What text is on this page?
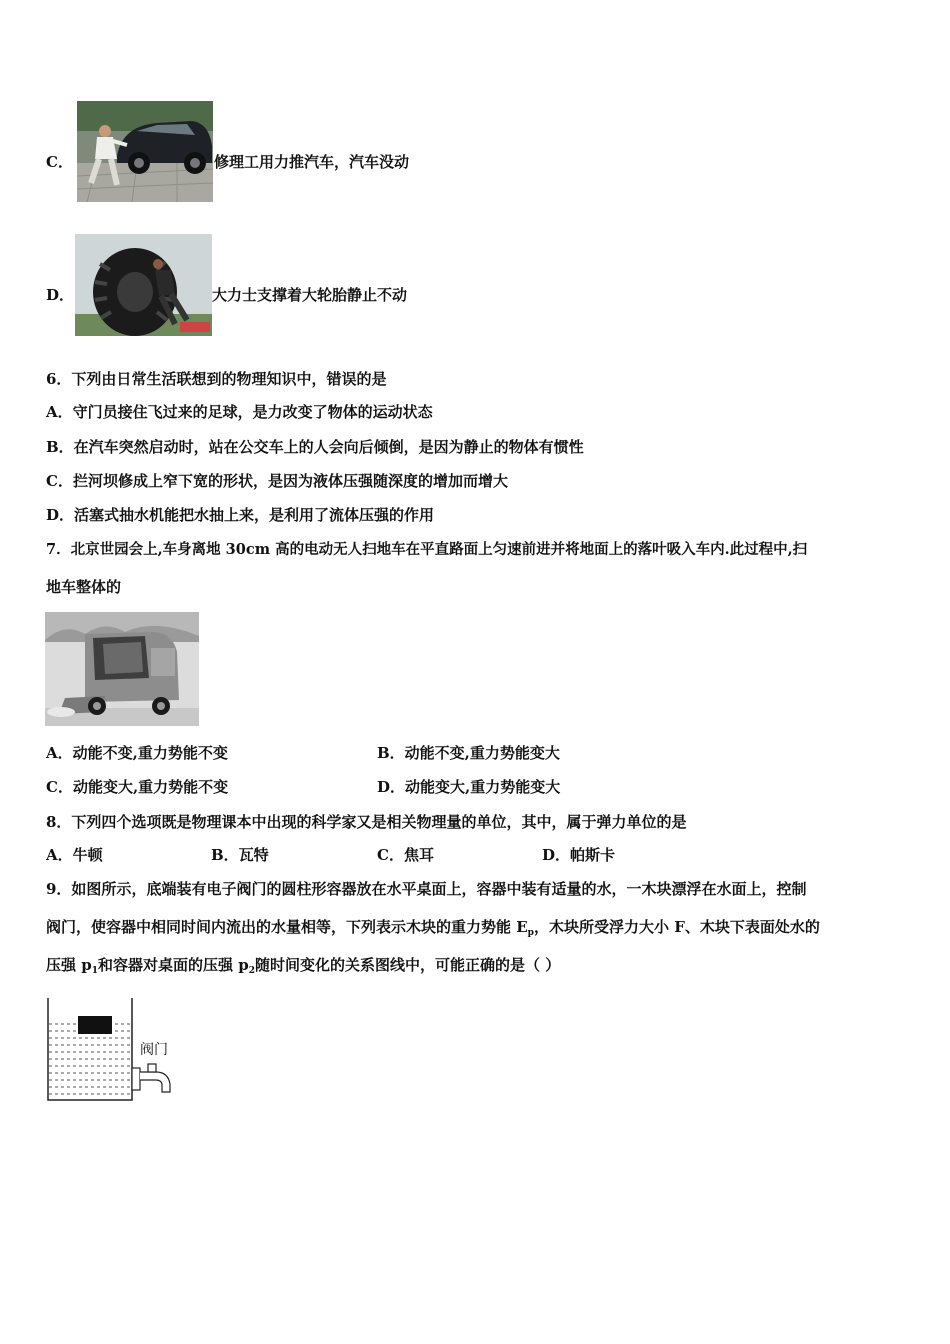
C．	修理工用力推汽车，汽车没动
D．	大力士支撑着大轮胎静止不动
6．下列由日常生活联想到的物理知识中，错误的是
A．守门员接住飞过来的足球，是力改变了物体的运动状态
B．在汽车突然启动时，站在公交车上的人会向后倾倒，是因为静止的物体有惯性
C．拦河坝修成上窄下宽的形状，是因为液体压强随深度的增加而增大
D．活塞式抽水机能把水抽上来，是利用了流体压强的作用
7．北京世园会上,车身离地 30cm 高的电动无人扫地车在平直路面上匀速前进并将地面上的落叶吸入车内.此过程中,扫
地车整体的
A．动能不变,重力势能不变	B．动能不变,重力势能变大
C．动能变大,重力势能不变	D．动能变大,重力势能变大
8．下列四个选项既是物理课本中出现的科学家又是相关物理量的单位，其中，属于弹力单位的是
A．牛顿	B．瓦特	C．焦耳	D．帕斯卡
9．如图所示，底端装有电子阀门的圆柱形容器放在水平桌面上，容器中装有适量的水，一木块漂浮在水面上，控制
阀门，使容器中相同时间内流出的水量相等，下列表示木块的重力势能 $E_p$，木块所受浮力大小 F、木块下表面处水的
压强 $p_1$和容器对桌面的压强 $p_2$随时间变化的关系图线中，可能正确的是（ ）
阀门
